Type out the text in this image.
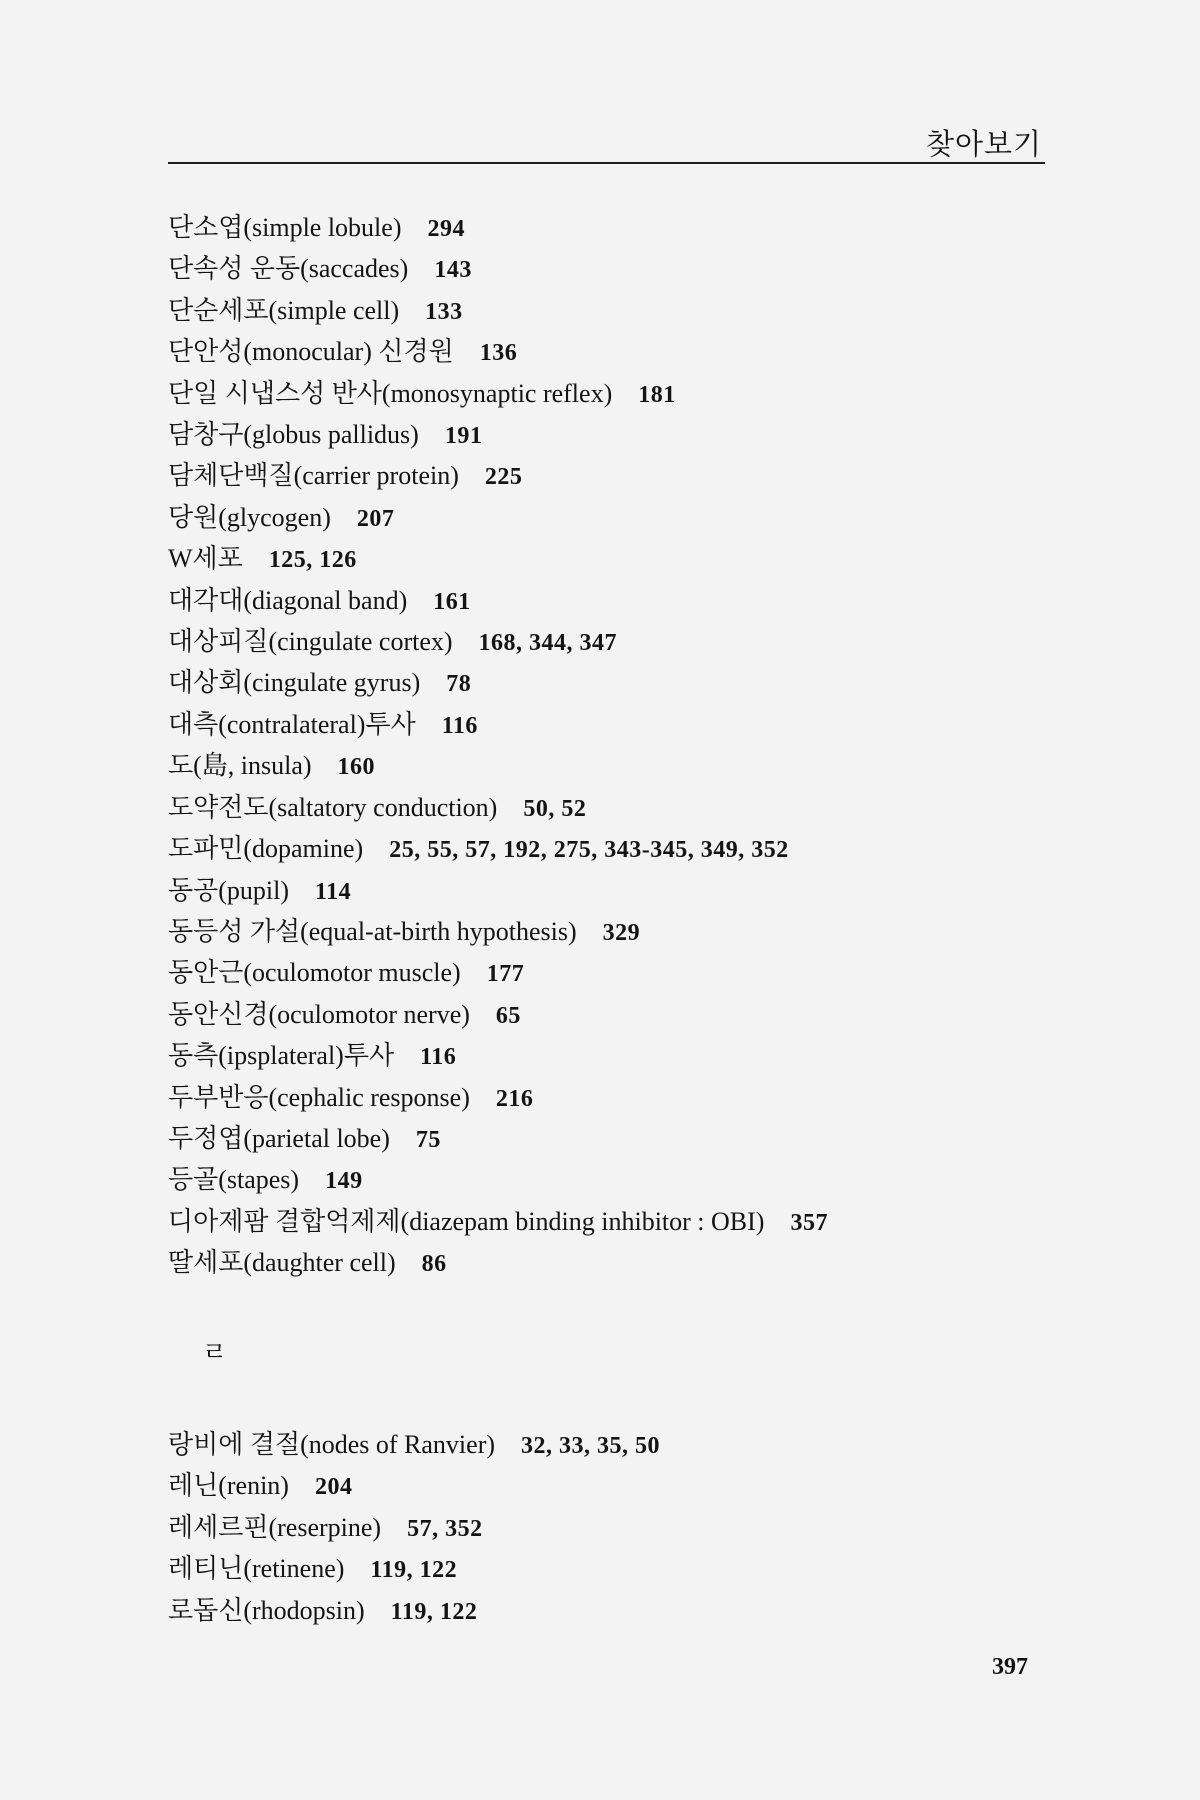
찾아보기
단소엽(simple lobule) 294
단속성 운동(saccades) 143
단순세포(simple cell) 133
단안성(monocular) 신경원 136
단일 시냅스성 반사(monosynaptic reflex) 181
담창구(globus pallidus) 191
담체단백질(carrier protein) 225
당원(glycogen) 207
W세포 125, 126
대각대(diagonal band) 161
대상피질(cingulate cortex) 168, 344, 347
대상회(cingulate gyrus) 78
대측(contralateral)투사 116
도(島, insula) 160
도약전도(saltatory conduction) 50, 52
도파민(dopamine) 25, 55, 57, 192, 275, 343-345, 349, 352
동공(pupil) 114
동등성 가설(equal-at-birth hypothesis) 329
동안근(oculomotor muscle) 177
동안신경(oculomotor nerve) 65
동측(ipsplateral)투사 116
두부반응(cephalic response) 216
두정엽(parietal lobe) 75
등골(stapes) 149
디아제팜 결합억제제(diazepam binding inhibitor : OBI) 357
딸세포(daughter cell) 86
ㄹ
랑비에 결절(nodes of Ranvier) 32, 33, 35, 50
레닌(renin) 204
레세르핀(reserpine) 57, 352
레티닌(retinene) 119, 122
로돕신(rhodopsin) 119, 122
397
